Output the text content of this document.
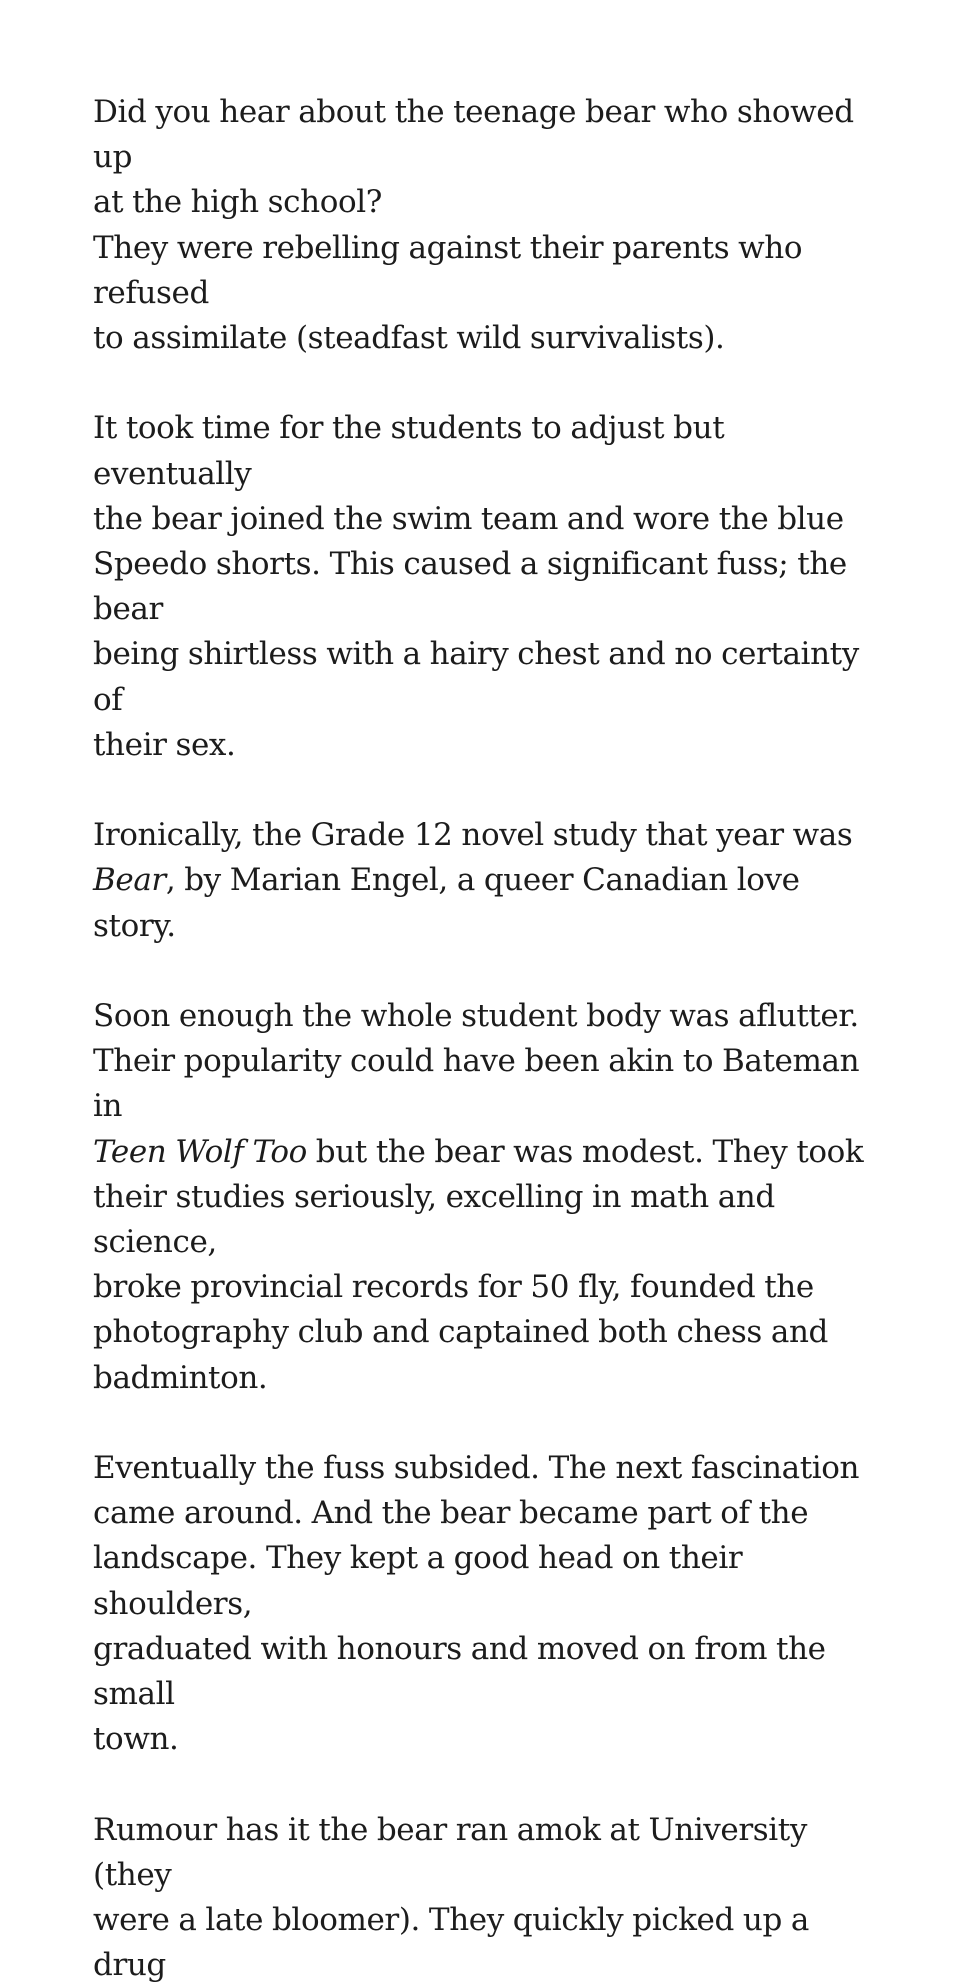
Did you hear about the teenage bear who showed up
at the high school?
They were rebelling against their parents who refused
to assimilate (steadfast wild survivalists).

It took time for the students to adjust but eventually
the bear joined the swim team and wore the blue
Speedo shorts. This caused a significant fuss; the bear
being shirtless with a hairy chest and no certainty of
their sex.

Ironically, the Grade 12 novel study that year was
Bear, by Marian Engel, a queer Canadian love story.

Soon enough the whole student body was aflutter.
Their popularity could have been akin to Bateman in
Teen Wolf Too but the bear was modest. They took
their studies seriously, excelling in math and science,
broke provincial records for 50 fly, founded the
photography club and captained both chess and
badminton.

Eventually the fuss subsided. The next fascination
came around. And the bear became part of the
landscape. They kept a good head on their shoulders,
graduated with honours and moved on from the small
town.

Rumour has it the bear ran amok at University (they
were a late bloomer). They quickly picked up a drug
